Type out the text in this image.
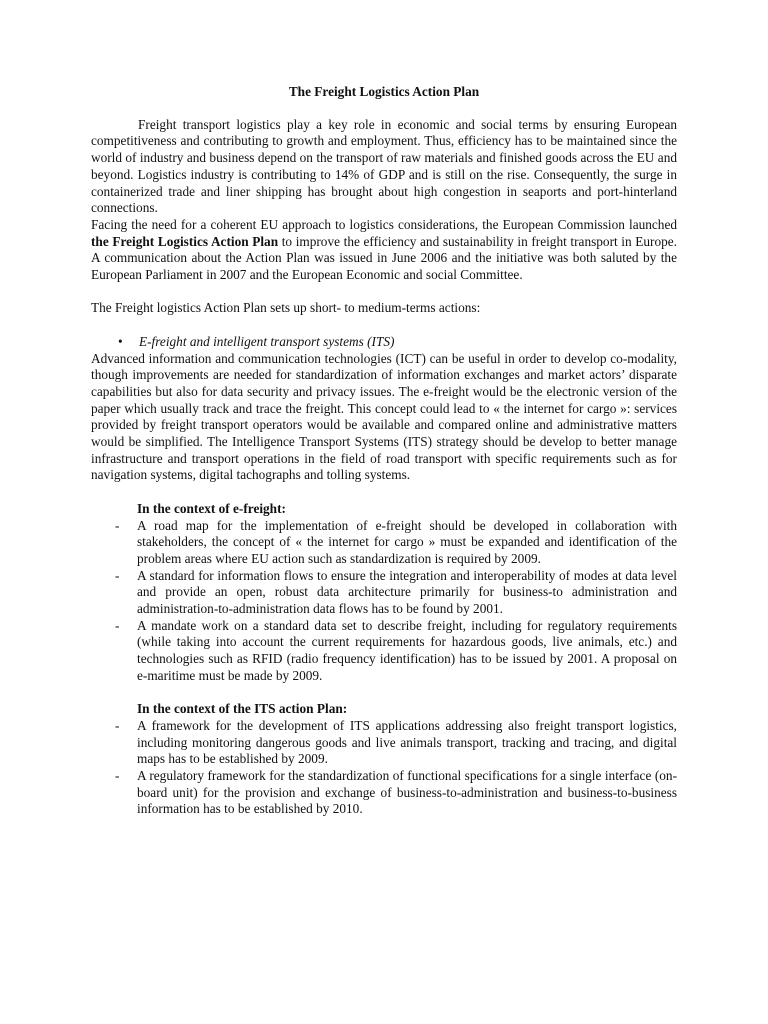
The Freight Logistics Action Plan

Freight transport logistics play a key role in economic and social terms by ensuring European competitiveness and contributing to growth and employment. Thus, efficiency has to be maintained since the world of industry and business depend on the transport of raw materials and finished goods across the EU and beyond. Logistics industry is contributing to 14% of GDP and is still on the rise. Consequently, the surge in containerized trade and liner shipping has brought about high congestion in seaports and port-hinterland connections.

Facing the need for a coherent EU approach to logistics considerations, the European Commission launched the Freight Logistics Action Plan to improve the efficiency and sustainability in freight transport in Europe. A communication about the Action Plan was issued in June 2006 and the initiative was both saluted by the European Parliament in 2007 and the European Economic and social Committee.

The Freight logistics Action Plan sets up short- to medium-terms actions:

• E-freight and intelligent transport systems (ITS)

Advanced information and communication technologies (ICT) can be useful in order to develop co-modality, though improvements are needed for standardization of information exchanges and market actors’ disparate capabilities but also for data security and privacy issues. The e-freight would be the electronic version of the paper which usually track and trace the freight. This concept could lead to « the internet for cargo »: services provided by freight transport operators would be available and compared online and administrative matters would be simplified. The Intelligence Transport Systems (ITS) strategy should be develop to better manage infrastructure and transport operations in the field of road transport with specific requirements such as for navigation systems, digital tachographs and tolling systems.

In the context of e-freight:

- A road map for the implementation of e-freight should be developed in collaboration with stakeholders, the concept of « the internet for cargo » must be expanded and identification of the problem areas where EU action such as standardization is required by 2009.
- A standard for information flows to ensure the integration and interoperability of modes at data level and provide an open, robust data architecture primarily for business-to administration and administration-to-administration data flows has to be found by 2001.
- A mandate work on a standard data set to describe freight, including for regulatory requirements (while taking into account the current requirements for hazardous goods, live animals, etc.) and technologies such as RFID (radio frequency identification) has to be issued by 2001. A proposal on e-maritime must be made by 2009.

In the context of the ITS action Plan:

- A framework for the development of ITS applications addressing also freight transport logistics, including monitoring dangerous goods and live animals transport, tracking and tracing, and digital maps has to be established by 2009.
- A regulatory framework for the standardization of functional specifications for a single interface (on-board unit) for the provision and exchange of business-to-administration and business-to-business information has to be established by 2010.
